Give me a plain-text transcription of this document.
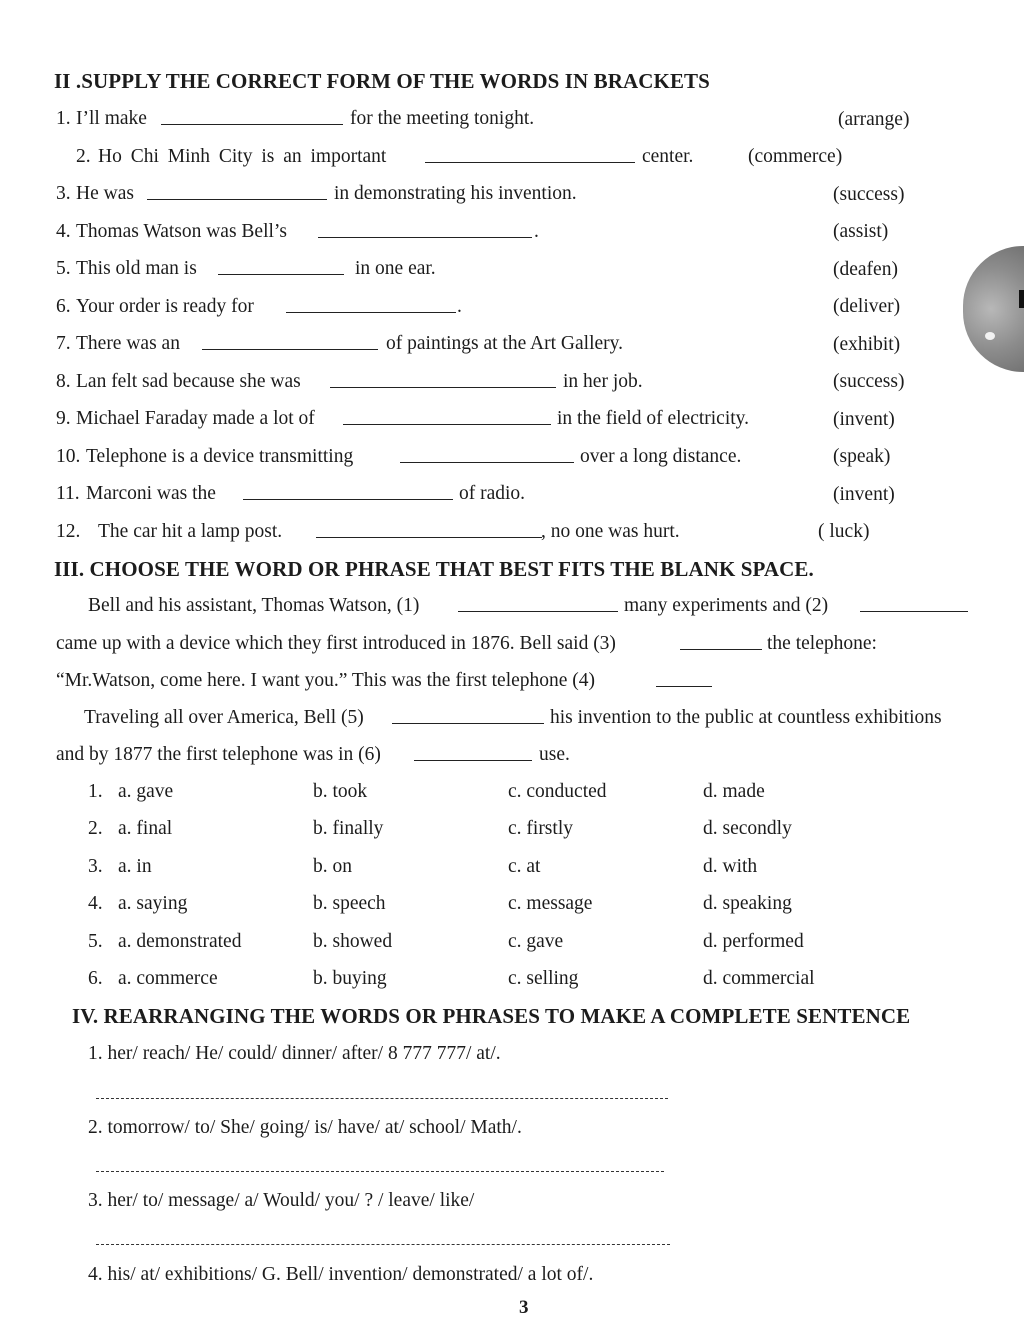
II .SUPPLY THE CORRECT FORM OF THE WORDS IN BRACKETS
1. I’ll make	for the meeting tonight.	(arrange)
2. Ho Chi Minh City is an important	center.	(commerce)
3. He was	in demonstrating his invention.	(success)
4. Thomas Watson was Bell’s	.	(assist)
5. This old man is	in one ear.	(deafen)
6. Your order is ready for	.	(deliver)
7. There was an	of paintings at the Art Gallery.	(exhibit)
8. Lan felt sad because she was	in her job.	(success)
9. Michael Faraday made a lot of	in the field of electricity.	(invent)
10. Telephone is a device transmitting	over a long distance.	(speak)
11. Marconi was the	of radio.	(invent)
12. The car hit a lamp post.	, no one was hurt.	( luck)
III. CHOOSE THE WORD OR PHRASE THAT BEST FITS THE BLANK SPACE.
Bell and his assistant, Thomas Watson, (1)	many experiments and (2)
came up with a device which they first introduced in 1876. Bell said (3)	the telephone:
“Mr.Watson, come here. I want you.” This was the first telephone (4)
Traveling all over America, Bell (5)	his invention to the public at countless exhibitions
and by 1877 the first telephone was in (6)	use.
1. a. gave	b. took	c. conducted	d. made
2. a. final	b. finally	c. firstly	d. secondly
3. a. in	b. on	c. at	d. with
4. a. saying	b. speech	c. message	d. speaking
5. a. demonstrated	b. showed	c. gave	d. performed
6. a. commerce	b. buying	c. selling	d. commercial
IV. REARRANGING THE WORDS OR PHRASES TO MAKE A COMPLETE SENTENCE
1. her/ reach/ He/ could/ dinner/ after/ 8 777 777/ at/.
2. tomorrow/ to/ She/ going/ is/ have/ at/ school/ Math/.
3. her/ to/ message/ a/ Would/ you/ ? / leave/ like/
4. his/ at/ exhibitions/ G. Bell/ invention/ demonstrated/ a lot of/.
3
